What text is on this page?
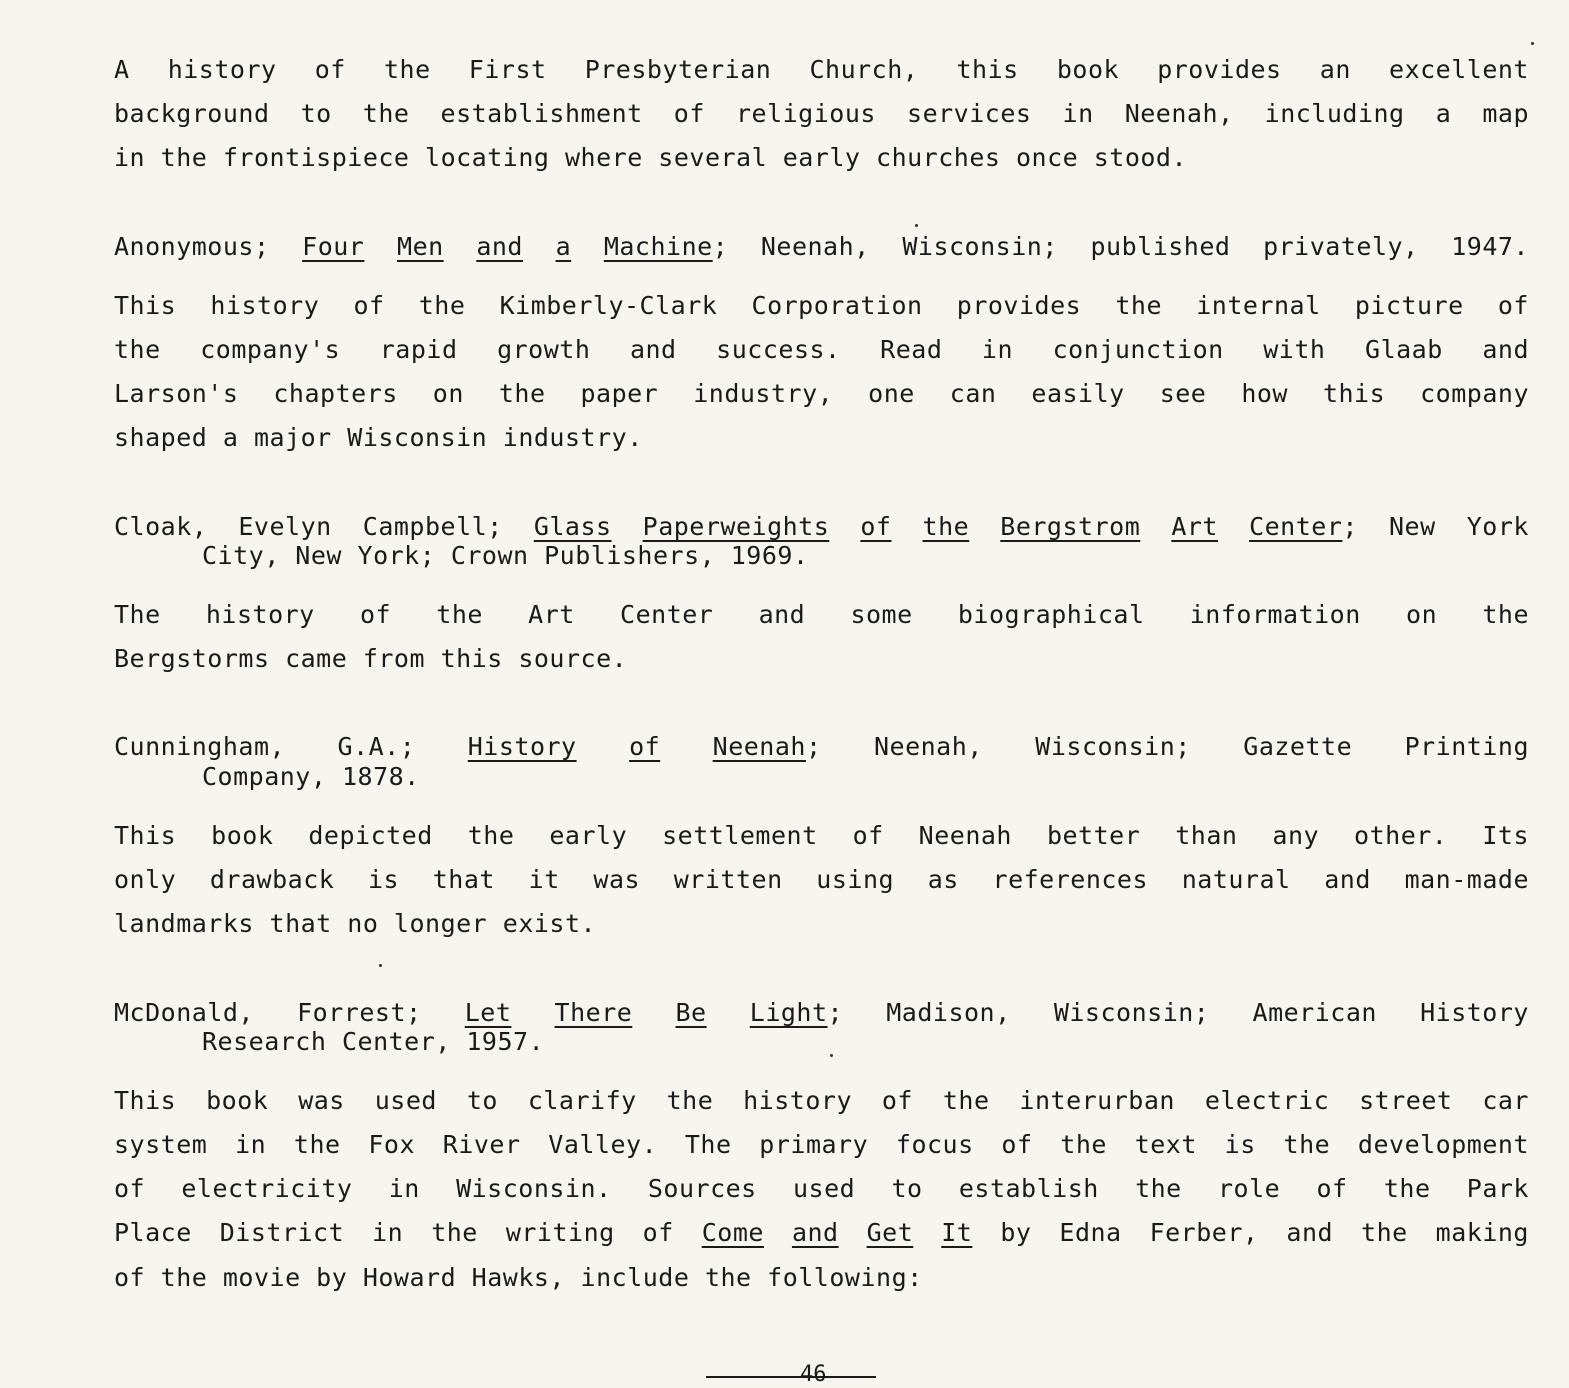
A history of the First Presbyterian Church, this book provides an excellent
background to the establishment of religious services in Neenah, including a map
in the frontispiece locating where several early churches once stood.
Anonymous; Four Men and a Machine; Neenah, Wisconsin; published privately, 1947.
This history of the Kimberly-Clark Corporation provides the internal picture of
the company's rapid growth and success. Read in conjunction with Glaab and
Larson's chapters on the paper industry, one can easily see how this company
shaped a major Wisconsin industry.
Cloak, Evelyn Campbell; Glass Paperweights of the Bergstrom Art Center; New York
City, New York; Crown Publishers, 1969.
The history of the Art Center and some biographical information on the
Bergstorms came from this source.
Cunningham, G.A.; History of Neenah; Neenah, Wisconsin; Gazette Printing
Company, 1878.
This book depicted the early settlement of Neenah better than any other. Its
only drawback is that it was written using as references natural and man-made
landmarks that no longer exist.
McDonald, Forrest; Let There Be Light; Madison, Wisconsin; American History
Research Center, 1957.
This book was used to clarify the history of the interurban electric street car
system in the Fox River Valley. The primary focus of the text is the development
of electricity in Wisconsin. Sources used to establish the role of the Park
Place District in the writing of Come and Get It by Edna Ferber, and the making
of the movie by Howard Hawks, include the following:
46
